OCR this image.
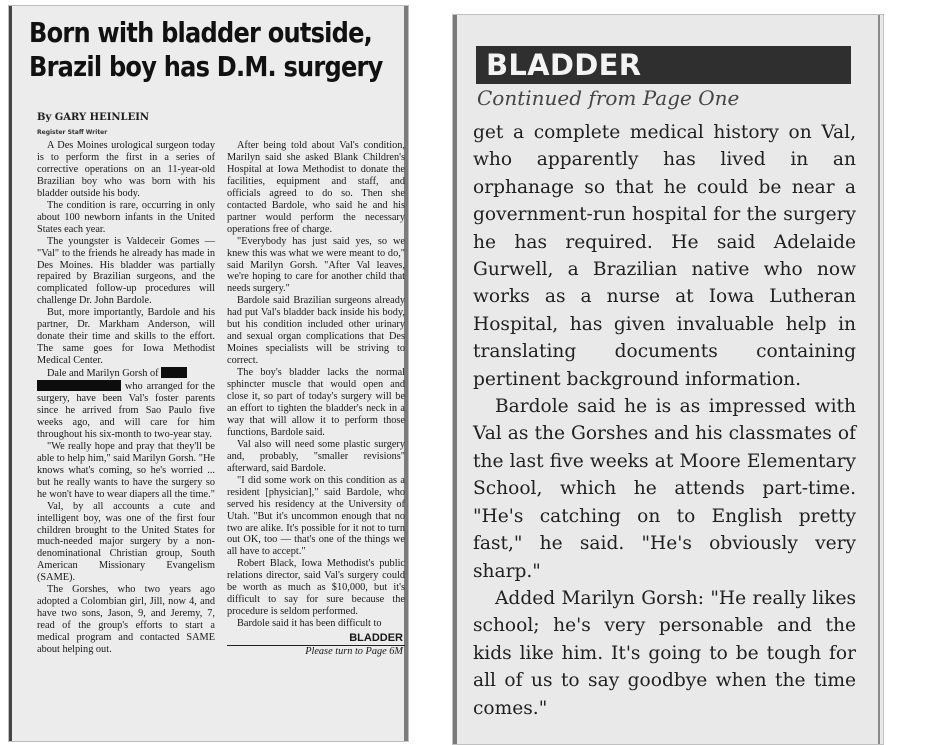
Born with bladder outside,
Brazil boy has D.M. surgery
By GARY HEINLEIN
Register Staff Writer

A Des Moines urological surgeon today is to perform the first in a series of corrective operations on an 11-year-old Brazilian boy who was born with his bladder outside his body.

The condition is rare, occurring in only about 100 newborn infants in the United States each year.

The youngster is Valdeceir Gomes — "Val" to the friends he already has made in Des Moines. His bladder was partially repaired by Brazilian surgeons, and the complicated follow-up procedures will challenge Dr. John Bardole.

But, more importantly, Bardole and his partner, Dr. Markham Anderson, will donate their time and skills to the effort. The same goes for Iowa Methodist Medical Center.

Dale and Marilyn Gorsh of
who arranged for the surgery, have been Val's foster parents since he arrived from Sao Paulo five weeks ago, and will care for him throughout his six-month to two-year stay.

"We really hope and pray that they'll be able to help him," said Marilyn Gorsh. "He knows what's coming, so he's worried ... but he really wants to have the surgery so he won't have to wear diapers all the time."

Val, by all accounts a cute and intelligent boy, was one of the first four children brought to the United States for much-needed major surgery by a non-denominational Christian group, South American Missionary Evangelism (SAME).

The Gorshes, who two years ago adopted a Colombian girl, Jill, now 4, and have two sons, Jason, 9, and Jeremy, 7, read of the group's efforts to start a medical program and contacted SAME about helping out.

After being told about Val's condition, Marilyn said she asked Blank Children's Hospital at Iowa Methodist to donate the facilities, equipment and staff, and officials agreed to do so. Then she contacted Bardole, who said he and his partner would perform the necessary operations free of charge.

"Everybody has just said yes, so we knew this was what we were meant to do," said Marilyn Gorsh. "After Val leaves, we're hoping to care for another child that needs surgery."

Bardole said Brazilian surgeons already had put Val's bladder back inside his body, but his condition included other urinary and sexual organ complications that Des Moines specialists will be striving to correct.

The boy's bladder lacks the normal sphincter muscle that would open and close it, so part of today's surgery will be an effort to tighten the bladder's neck in a way that will allow it to perform those functions, Bardole said.

Val also will need some plastic surgery and, probably, "smaller revisions" afterward, said Bardole.

"I did some work on this condition as a resident [physician]," said Bardole, who served his residency at the University of Utah. "But it's uncommon enough that no two are alike. It's possible for it not to turn out OK, too — that's one of the things we all have to accept."

Robert Black, Iowa Methodist's public relations director, said Val's surgery could be worth as much as $10,000, but it's difficult to say for sure because the procedure is seldom performed.

Bardole said it has been difficult to

BLADDER
Please turn to Page 6M
BLADDER

Continued from Page One

get a complete medical history on Val, who apparently has lived in an orphanage so that he could be near a government-run hospital for the surgery he has required. He said Adelaide Gurwell, a Brazilian native who now works as a nurse at Iowa Lutheran Hospital, has given invaluable help in translating documents containing pertinent background information.

Bardole said he is as impressed with Val as the Gorshes and his classmates of the last five weeks at Moore Elementary School, which he attends part-time. "He's catching on to English pretty fast," he said. "He's obviously very sharp."

Added Marilyn Gorsh: "He really likes school; he's very personable and the kids like him. It's going to be tough for all of us to say goodbye when the time comes."
